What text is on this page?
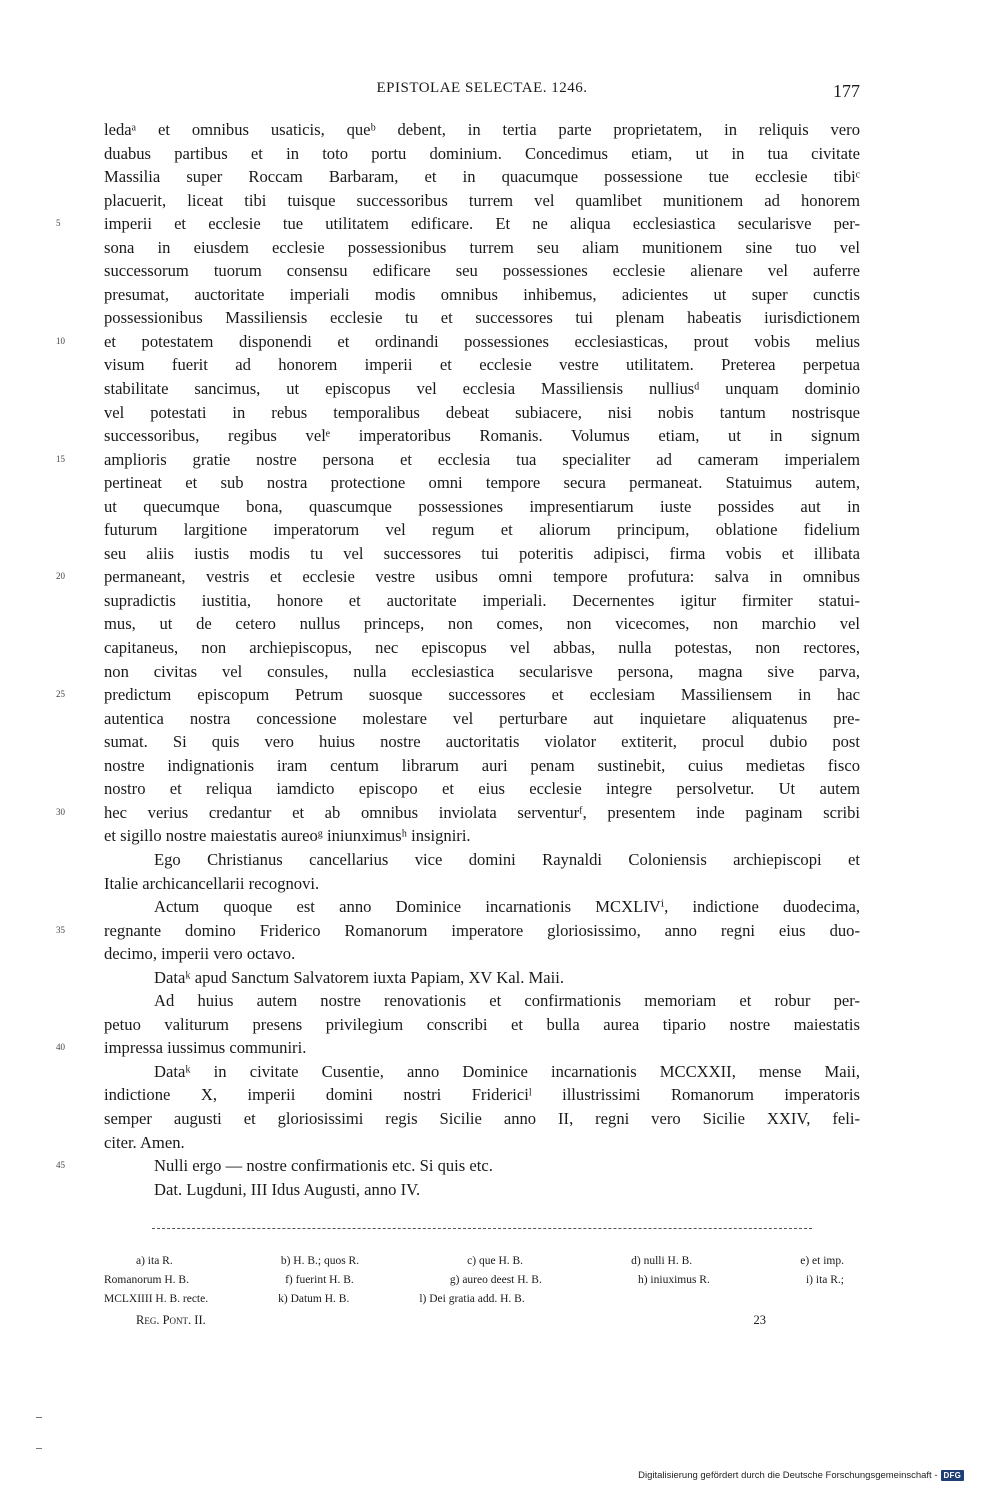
EPISTOLAE SELECTAE. 1246.	177
ledaᵃ et omnibus usaticis, queᵇ debent, in tertia parte proprietatem, in reliquis vero
duabus partibus et in toto portu dominium. Concedimus etiam, ut in tua civitate
Massilia super Roccam Barbaram, et in quacumque possessione tue ecclesie tibiᶜ
placuerit, liceat tibi tuisque successoribus turrem vel quamlibet munitionem ad honorem
5	imperii et ecclesie tue utilitatem edificare. Et ne aliqua ecclesiastica secularisve per-
sona in eiusdem ecclesie possessionibus turrem seu aliam munitionem sine tuo vel
successorum tuorum consensu edificare seu possessiones ecclesie alienare vel auferre
presumat, auctoritate imperiali modis omnibus inhibemus, adicientes ut super cunctis
possessionibus Massiliensis ecclesie tu et successores tui plenam habeatis iurisdictionem
10	et potestatem disponendi et ordinandi possessiones ecclesiasticas, prout vobis melius
visum fuerit ad honorem imperii et ecclesie vestre utilitatem. Preterea perpetua
stabilitate sancimus, ut episcopus vel ecclesia Massiliensis nulliusᵈ unquam dominio
vel potestati in rebus temporalibus debeat subiacere, nisi nobis tantum nostrisque
successoribus, regibus velᵉ imperatoribus Romanis. Volumus etiam, ut in signum
15	amplioris gratie nostre persona et ecclesia tua specialiter ad cameram imperialem
pertineat et sub nostra protectione omni tempore secura permaneat. Statuimus autem,
ut quecumque bona, quascumque possessiones impresentiarum iuste possides aut in
futurum largitione imperatorum vel regum et aliorum principum, oblatione fidelium
seu aliis iustis modis tu vel successores tui poteritis adipisci, firma vobis et illibata
20	permaneant, vestris et ecclesie vestre usibus omni tempore profutura: salva in omnibus
supradictis iustitia, honore et auctoritate imperiali. Decernentes igitur firmiter statui-
mus, ut de cetero nullus princeps, non comes, non vicecomes, non marchio vel
capitaneus, non archiepiscopus, nec episcopus vel abbas, nulla potestas, non rectores,
non civitas vel consules, nulla ecclesiastica secularisve persona, magna sive parva,
25	predictum episcopum Petrum suosque successores et ecclesiam Massiliensem in hac
autentica nostra concessione molestare vel perturbare aut inquietare aliquatenus pre-
sumat. Si quis vero huius nostre auctoritatis violator extiterit, procul dubio post
nostre indignationis iram centum librarum auri penam sustinebit, cuius medietas fisco
nostro et reliqua iamdicto episcopo et eius ecclesie integre persolvetur. Ut autem
30	hec verius credantur et ab omnibus inviolata serventurᶠ, presentem inde paginam scribi
et sigillo nostre maiestatis aureoᵍ iniunximusʰ insigniri.
Ego Christianus cancellarius vice domini Raynaldi Coloniensis archiepiscopi et
Italie archicancellarii recognovi.
Actum quoque est anno Dominice incarnationis MCXLIVⁱ, indictione duodecima,
35	regnante domino Friderico Romanorum imperatore gloriosissimo, anno regni eius duo-
decimo, imperii vero octavo.
Dataᵏ apud Sanctum Salvatorem iuxta Papiam, XV Kal. Maii.
Ad huius autem nostre renovationis et confirmationis memoriam et robur per-
petuo valiturum presens privilegium conscribi et bulla aurea tipario nostre maiestatis
40	impressa iussimus communiri.
Dataᵏ in civitate Cusentie, anno Dominice incarnationis MCCXXII, mense Maii,
indictione X, imperii domini nostri Fridericiˡ illustrissimi Romanorum imperatoris
semper augusti et gloriosissimi regis Sicilie anno II, regni vero Sicilie XXIV, feli-
citer. Amen.
45	Nulli ergo — nostre confirmationis etc. Si quis etc.
Dat. Lugduni, III Idus Augusti, anno IV.
a) ita R.	b) H. B.; quos R.	c) que H. B.	d) nulli H. B.	e) et imp.
Romanorum H. B.	f) fuerint H. B.	g) aureo deest H. B.	h) iniuximus R.	i) ita R.;
MCLXIIII H. B. recte.	k) Datum H. B.	l) Dei gratia add. H. B.
Reg. Pont. II.	23
Digitalisierung gefördert durch die Deutsche Forschungsgemeinschaft - DFG
